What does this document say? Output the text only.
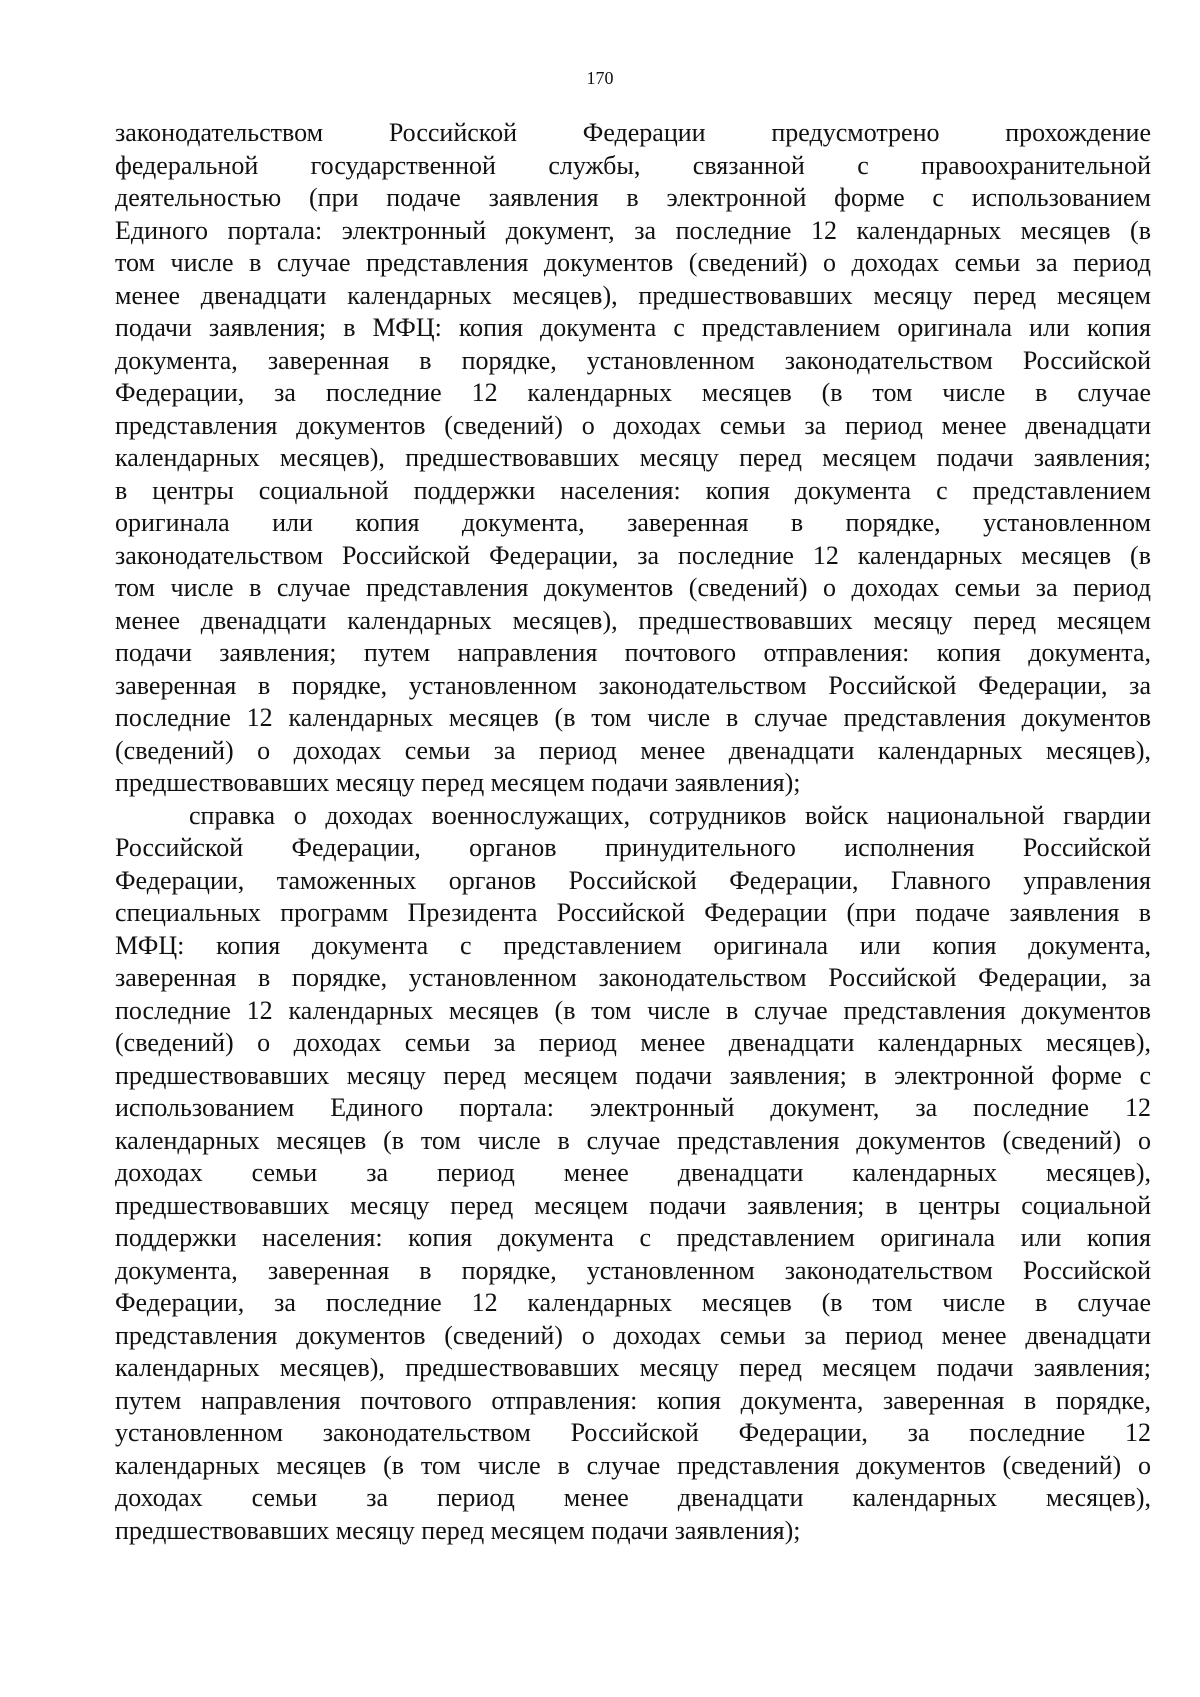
170
законодательством Российской Федерации предусмотрено прохождение
федеральной государственной службы, связанной с правоохранительной
деятельностью (при подаче заявления в электронной форме с использованием
Единого портала: электронный документ, за последние 12 календарных месяцев (в
том числе в случае представления документов (сведений) о доходах семьи за период
менее двенадцати календарных месяцев), предшествовавших месяцу перед месяцем
подачи заявления; в МФЦ: копия документа с представлением оригинала или копия
документа, заверенная в порядке, установленном законодательством Российской
Федерации, за последние 12 календарных месяцев (в том числе в случае
представления документов (сведений) о доходах семьи за период менее двенадцати
календарных месяцев), предшествовавших месяцу перед месяцем подачи заявления;
в центры социальной поддержки населения: копия документа с представлением
оригинала или копия документа, заверенная в порядке, установленном
законодательством Российской Федерации, за последние 12 календарных месяцев (в
том числе в случае представления документов (сведений) о доходах семьи за период
менее двенадцати календарных месяцев), предшествовавших месяцу перед месяцем
подачи заявления; путем направления почтового отправления: копия документа,
заверенная в порядке, установленном законодательством Российской Федерации, за
последние 12 календарных месяцев (в том числе в случае представления документов
(сведений) о доходах семьи за период менее двенадцати календарных месяцев),
предшествовавших месяцу перед месяцем подачи заявления);
справка о доходах военнослужащих, сотрудников войск национальной гвардии
Российской Федерации, органов принудительного исполнения Российской
Федерации, таможенных органов Российской Федерации, Главного управления
специальных программ Президента Российской Федерации (при подаче заявления в
МФЦ: копия документа с представлением оригинала или копия документа,
заверенная в порядке, установленном законодательством Российской Федерации, за
последние 12 календарных месяцев (в том числе в случае представления документов
(сведений) о доходах семьи за период менее двенадцати календарных месяцев),
предшествовавших месяцу перед месяцем подачи заявления; в электронной форме с
использованием Единого портала: электронный документ, за последние 12
календарных месяцев (в том числе в случае представления документов (сведений) о
доходах семьи за период менее двенадцати календарных месяцев),
предшествовавших месяцу перед месяцем подачи заявления; в центры социальной
поддержки населения: копия документа с представлением оригинала или копия
документа, заверенная в порядке, установленном законодательством Российской
Федерации, за последние 12 календарных месяцев (в том числе в случае
представления документов (сведений) о доходах семьи за период менее двенадцати
календарных месяцев), предшествовавших месяцу перед месяцем подачи заявления;
путем направления почтового отправления: копия документа, заверенная в порядке,
установленном законодательством Российской Федерации, за последние 12
календарных месяцев (в том числе в случае представления документов (сведений) о
доходах семьи за период менее двенадцати календарных месяцев),
предшествовавших месяцу перед месяцем подачи заявления);
